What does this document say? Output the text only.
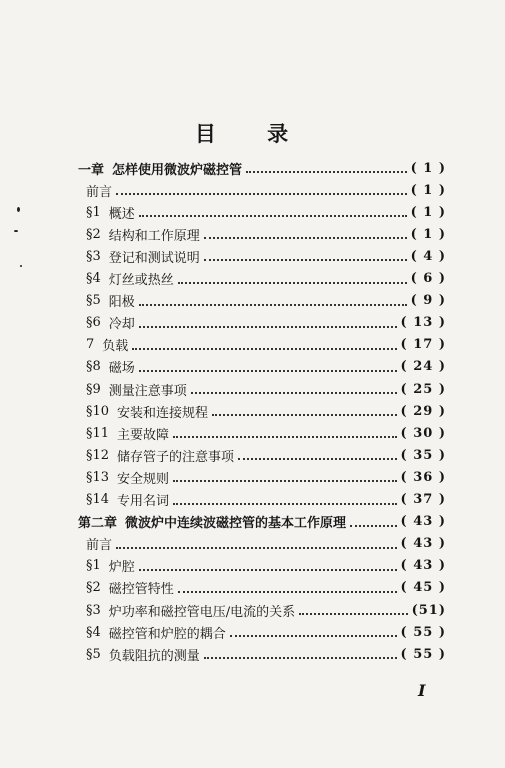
目 录
一章 怎样使用微波炉磁控管	( 1 )
前言	( 1 )
§1 概述	( 1 )
§2 结构和工作原理	( 1 )
§3 登记和测试说明	( 4 )
§4 灯丝或热丝	( 6 )
§5 阳极	( 9 )
§6 冷却	( 13 )
7 负载	( 17 )
§8 磁场	( 24 )
§9 测量注意事项	( 25 )
§10 安装和连接规程	( 29 )
§11 主要故障	( 30 )
§12 储存管子的注意事项	( 35 )
§13 安全规则	( 36 )
§14 专用名词	( 37 )
第二章 微波炉中连续波磁控管的基本工作原理	( 43 )
前言	( 43 )
§1 炉腔	( 43 )
§2 磁控管特性	( 45 )
§3 炉功率和磁控管电压/电流的关系	(51)
§4 磁控管和炉腔的耦合	( 55 )
§5 负载阻抗的测量	( 55 )
I
